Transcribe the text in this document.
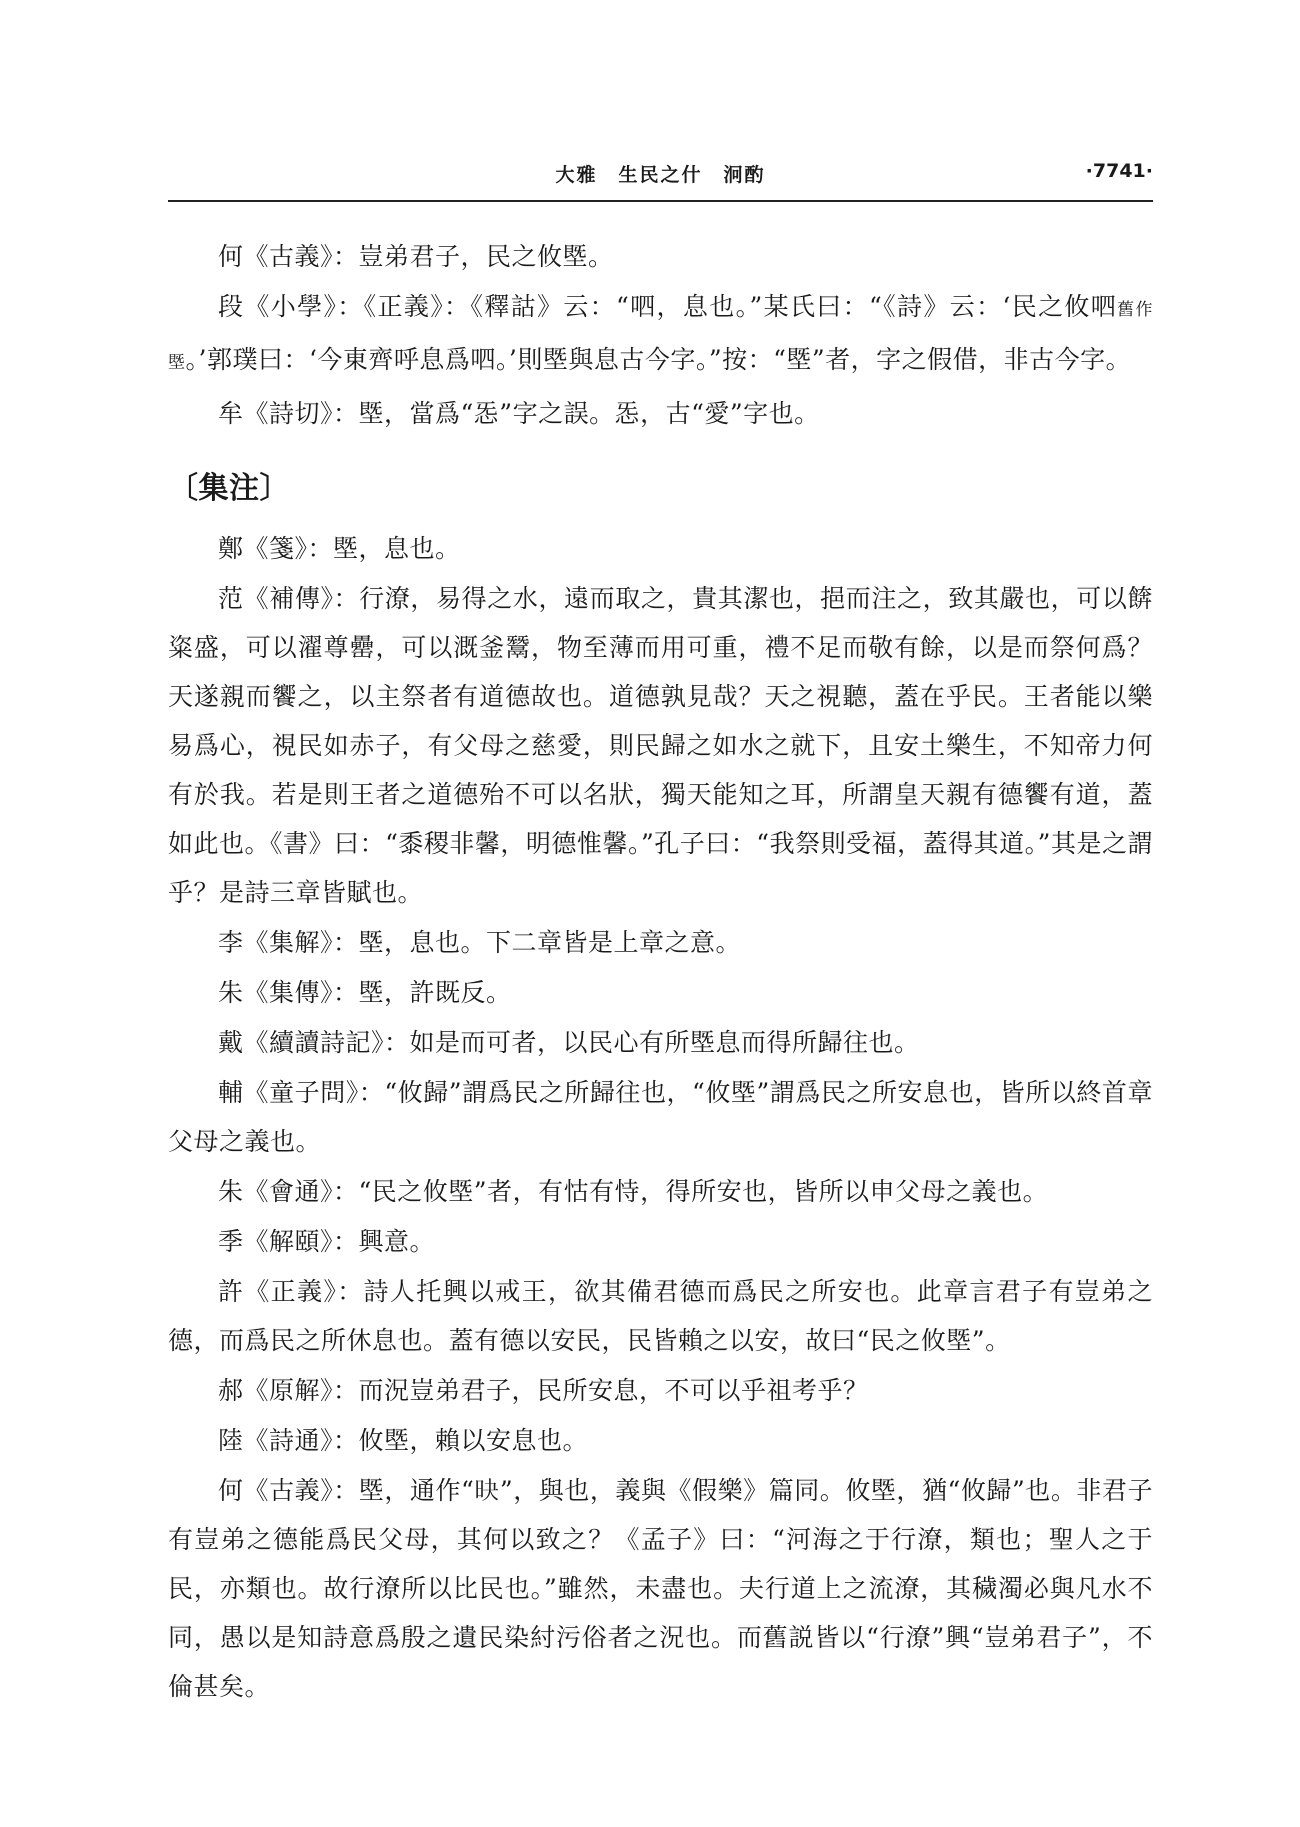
大雅　生民之什　泂酌	·7741·

何《古義》：豈弟君子，民之攸塈。

段《小學》：《正義》：《釋詁》云：“呬，息也。”某氏曰：“《詩》云：‘民之攸呬舊作塈。’郭璞曰：‘今東齊呼息爲呬。’則塈與息古今字。”按：“塈”者，字之假借，非古今字。

牟《詩切》：塈，當爲“㤅”字之誤。㤅，古“愛”字也。

〔集注〕

鄭《箋》：塈，息也。

范《補傳》：行潦，易得之水，遠而取之，貴其潔也，挹而注之，致其嚴也，可以餴粢盛，可以濯尊罍，可以溉釜鬵，物至薄而用可重，禮不足而敬有餘，以是而祭何爲？天遂親而饗之，以主祭者有道德故也。道德孰見哉？天之視聽，蓋在乎民。王者能以樂易爲心，視民如赤子，有父母之慈愛，則民歸之如水之就下，且安土樂生，不知帝力何有於我。若是則王者之道德殆不可以名狀，獨天能知之耳，所謂皇天親有德饗有道，蓋如此也。《書》曰：“黍稷非馨，明德惟馨。”孔子曰：“我祭則受福，蓋得其道。”其是之謂乎？是詩三章皆賦也。

李《集解》：塈，息也。下二章皆是上章之意。

朱《集傳》：塈，許既反。

戴《續讀詩記》：如是而可者，以民心有所塈息而得所歸往也。

輔《童子問》：“攸歸”謂爲民之所歸往也，“攸塈”謂爲民之所安息也，皆所以終首章父母之義也。

朱《會通》：“民之攸塈”者，有怙有恃，得所安也，皆所以申父母之義也。

季《解頤》：興意。

許《正義》：詩人托興以戒王，欲其備君德而爲民之所安也。此章言君子有豈弟之德，而爲民之所休息也。蓋有德以安民，民皆賴之以安，故曰“民之攸塈”。

郝《原解》：而況豈弟君子，民所安息，不可以乎祖考乎？

陸《詩通》：攸塈，賴以安息也。

何《古義》：塈，通作“𣅡”，與也，義與《假樂》篇同。攸塈，猶“攸歸”也。非君子有豈弟之德能爲民父母，其何以致之？《孟子》曰：“河海之于行潦，類也；聖人之于民，亦類也。故行潦所以比民也。”雖然，未盡也。夫行道上之流潦，其穢濁必與凡水不同，愚以是知詩意爲殷之遺民染紂污俗者之況也。而舊説皆以“行潦”興“豈弟君子”，不倫甚矣。
